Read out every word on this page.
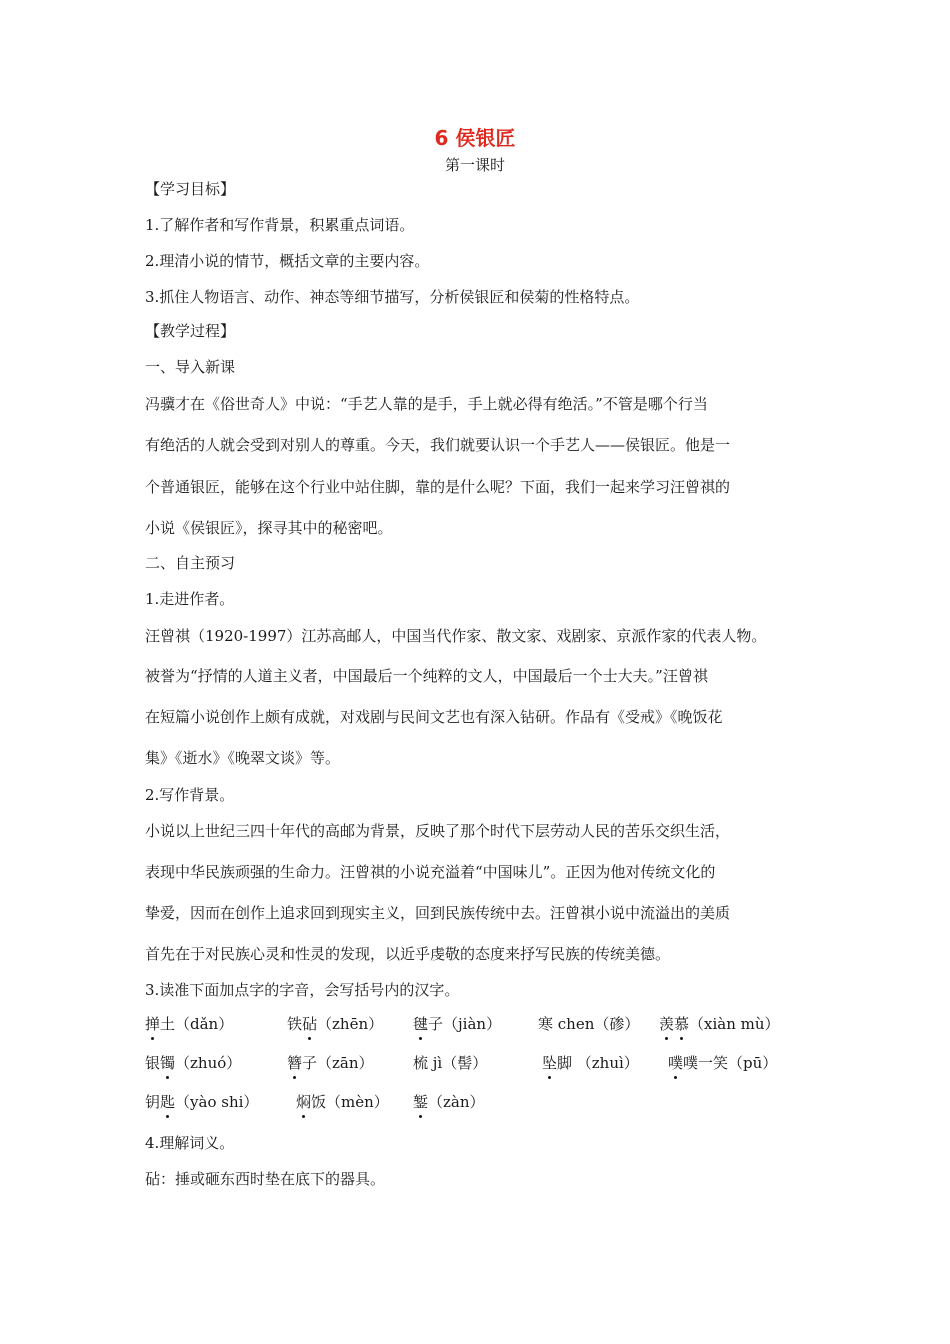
6 侯银匠
第一课时
【学习目标】
1.了解作者和写作背景，积累重点词语。
2.理清小说的情节，概括文章的主要内容。
3.抓住人物语言、动作、神态等细节描写，分析侯银匠和侯菊的性格特点。
【教学过程】
一、导入新课
冯骥才在《俗世奇人》中说：“手艺人靠的是手，手上就必得有绝活。”不管是哪个行当
有绝活的人就会受到对别人的尊重。今天，我们就要认识一个手艺人——侯银匠。他是一
个普通银匠，能够在这个行业中站住脚，靠的是什么呢？下面，我们一起来学习汪曾祺的
小说《侯银匠》，探寻其中的秘密吧。
二、自主预习
1.走进作者。
汪曾祺（1920-1997）江苏高邮人，中国当代作家、散文家、戏剧家、京派作家的代表人物。
被誉为“抒情的人道主义者，中国最后一个纯粹的文人，中国最后一个士大夫。”汪曾祺
在短篇小说创作上颇有成就，对戏剧与民间文艺也有深入钻研。作品有《受戒》《晚饭花
集》《逝水》《晚翠文谈》等。
2.写作背景。
小说以上世纪三四十年代的高邮为背景，反映了那个时代下层劳动人民的苦乐交织生活，
表现中华民族顽强的生命力。汪曾祺的小说充溢着“中国味儿”。正因为他对传统文化的
挚爱，因而在创作上追求回到现实主义，回到民族传统中去。汪曾祺小说中流溢出的美质
首先在于对民族心灵和性灵的发现，以近乎虔敬的态度来抒写民族的传统美德。
3.读准下面加点字的字音，会写括号内的汉字。
掸土（dǎn）	铁砧（zhēn） 毽子（jiàn） 寒 chen（碜） 羡慕（xiàn mù）
银镯（zhuó）	簪子（zān）	梳 jì（髻）	坠脚 （zhuì） 噗噗一笑（pū）
钥匙（yào shi）	焖饭（mèn） 錾（zàn）
4.理解词义。
砧：捶或砸东西时垫在底下的器具。
